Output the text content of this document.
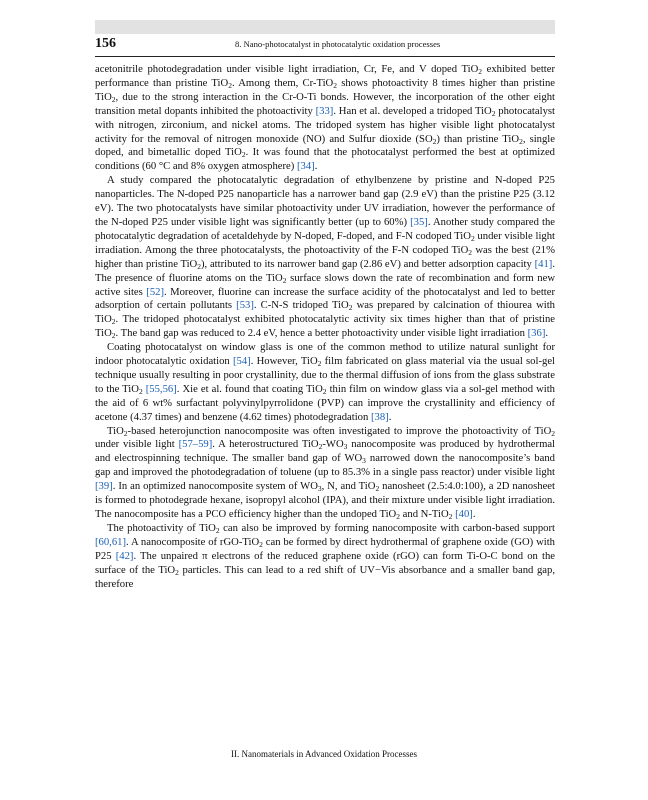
156	8. Nano-photocatalyst in photocatalytic oxidation processes

acetonitrile photodegradation under visible light irradiation, Cr, Fe, and V doped TiO$_2$ exhibited better performance than pristine TiO$_2$. Among them, Cr-TiO$_2$ shows photoactivity 8 times higher than pristine TiO$_2$, due to the strong interaction in the Cr-O-Ti bonds. However, the incorporation of the other eight transition metal dopants inhibited the photoactivity [33]. Han et al. developed a tridoped TiO$_2$ photocatalyst with nitrogen, zirconium, and nickel atoms. The tridoped system has higher visible light photocatalyst activity for the removal of nitrogen monoxide (NO) and Sulfur dioxide $(SO_2)$ than pristine TiO$_2$, single doped, and bimetallic doped TiO$_2$. It was found that the photocatalyst performed the best at optimized conditions (60 °C and 8% oxygen atmosphere) [34].

A study compared the photocatalytic degradation of ethylbenzene by pristine and N-doped P25 nanoparticles. The N-doped P25 nanoparticle has a narrower band gap (2.9 eV) than the pristine P25 (3.12 eV). The two photocatalysts have similar photoactivity under UV irradiation, however the performance of the N-doped P25 under visible light was significantly better (up to 60%) [35]. Another study compared the photocatalytic degradation of acetaldehyde by N-doped, F-doped, and F-N codoped TiO$_2$ under visible light irradiation. Among the three photocatalysts, the photoactivity of the F-N codoped TiO$_2$ was the best (21% higher than pristine TiO$_2$), attributed to its narrower band gap (2.86 eV) and better adsorption capacity [41]. The presence of fluorine atoms on the TiO$_2$ surface slows down the rate of recombination and form new active sites [52]. Moreover, fluorine can increase the surface acidity of the photocatalyst and led to better adsorption of certain pollutants [53]. C-N-S tridoped TiO$_2$ was prepared by calcination of thiourea with TiO$_2$. The tridoped photocatalyst exhibited photocatalytic activity six times higher than that of pristine TiO$_2$. The band gap was reduced to 2.4 eV, hence a better photoactivity under visible light irradiation [36].

Coating photocatalyst on window glass is one of the common method to utilize natural sunlight for indoor photocatalytic oxidation [54]. However, TiO$_2$ film fabricated on glass material via the usual sol-gel technique usually resulting in poor crystallinity, due to the thermal diffusion of ions from the glass substrate to the TiO$_2$ [55,56]. Xie et al. found that coating TiO$_2$ thin film on window glass via a sol-gel method with the aid of 6 wt% surfactant polyvinylpyrrolidone (PVP) can improve the crystallinity and efficiency of acetone (4.37 times) and benzene (4.62 times) photodegradation [38].

TiO$_2$-based heterojunction nanocomposite was often investigated to improve the photoactivity of TiO$_2$ under visible light [57–59]. A heterostructured $TiO_2-WO_3$ nanocomposite was produced by hydrothermal and electrospinning technique. The smaller band gap of $WO_3$ narrowed down the nanocomposite’s band gap and improved the photodegradation of toluene (up to 85.3% in a single pass reactor) under visible light [39]. In an optimized nanocomposite system of $WO_3$, N, and TiO$_2$ nanosheet (2.5:4.0:100), a 2D nanosheet is formed to photodegrade hexane, isopropyl alcohol (IPA), and their mixture under visible light irradiation. The nanocomposite has a PCO efficiency higher than the undoped TiO$_2$ and N-TiO$_2$ [40].

The photoactivity of TiO$_2$ can also be improved by forming nanocomposite with carbon-based support [60,61]. A nanocomposite of rGO-TiO$_2$ can be formed by direct hydrothermal of graphene oxide (GO) with P25 [42]. The unpaired π electrons of the reduced graphene oxide (rGO) can form Ti-O-C bond on the surface of the TiO$_2$ particles. This can lead to a red shift of UV−Vis absorbance and a smaller band gap, therefore

II. Nanomaterials in Advanced Oxidation Processes
